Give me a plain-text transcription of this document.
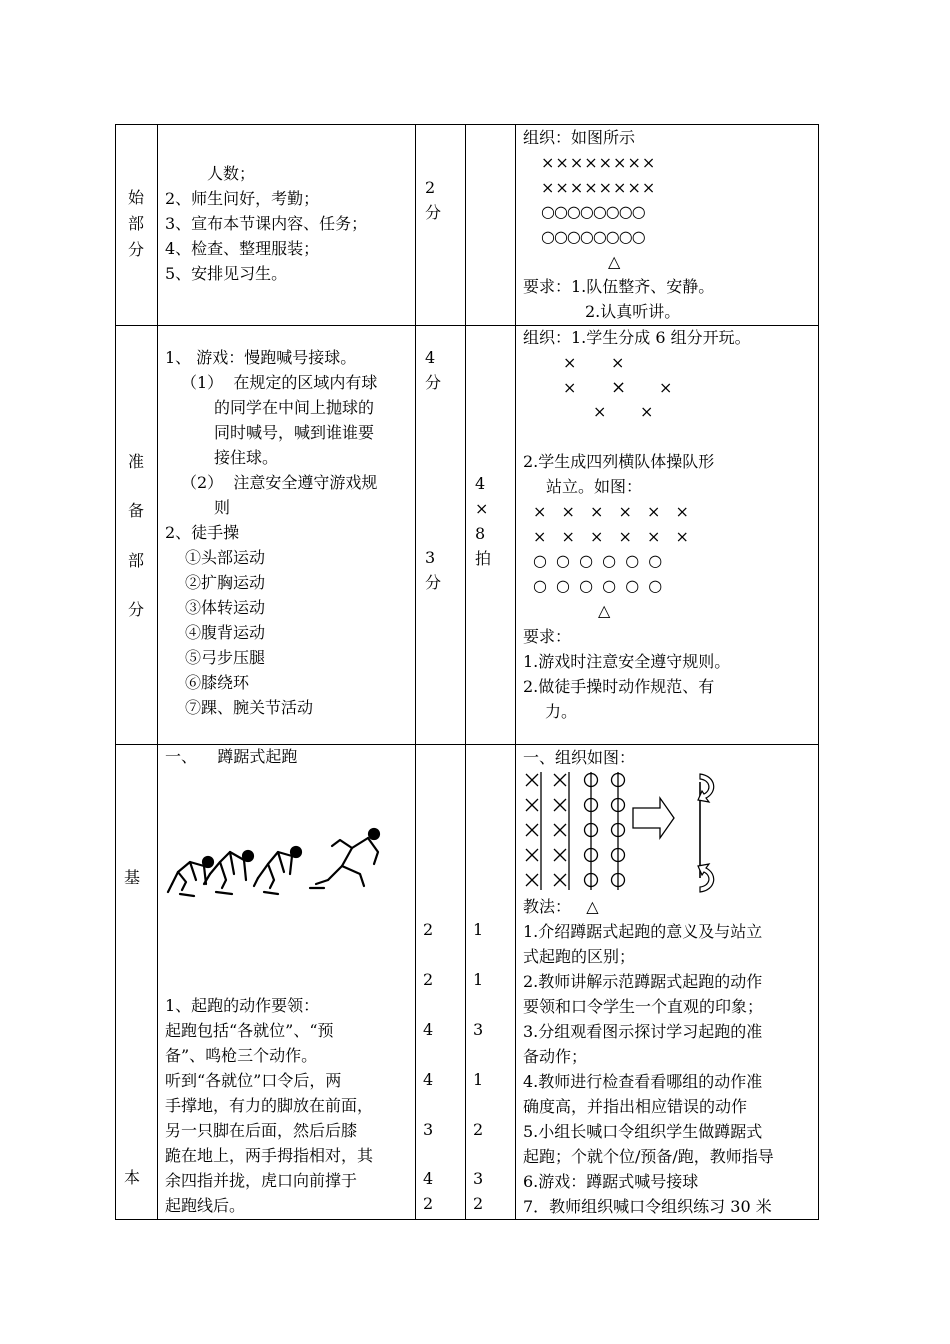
始
部
分
人数；
2、师生问好，考勤；
3、宣布本节课内容、任务；
4、检查、整理服装；
5、安排见习生。
2
分
组织：如图所示
××××××××
××××××××
○○○○○○○○
○○○○○○○○
△
要求：1.队伍整齐、安静。
2.认真听讲。
准
备
部
分
1、 游戏：慢跑喊号接球。
（1）  在规定的区域内有球
的同学在中间上抛球的
同时喊号，喊到谁谁要
接住球。
（2）  注意安全遵守游戏规
则
2、徒手操
①头部运动
②扩胸运动
③体转运动
④腹背运动
⑤弓步压腿
⑥膝绕环
⑦踝、腕关节活动
4
分
3
分
4
×
8
拍
组织：1.学生分成 6 组分开玩。
× ×
× × ×
× ×
2.学生成四列横队体操队形
站立。如图：
× × × × × ×
× × × × × ×
○ ○ ○ ○ ○ ○
○ ○ ○ ○ ○ ○
△
要求：
1.游戏时注意安全遵守规则。
2.做徒手操时动作规范、有
力。
基
本
一、    蹲踞式起跑
1、起跑的动作要领：
起跑包括“各就位”、“预
备”、鸣枪三个动作。
听到“各就位”口令后，两
手撑地，有力的脚放在前面，
另一只脚在后面，然后后膝
跪在地上，两手拇指相对，其
余四指并拢，虎口向前撑于
起跑线后。
2
2
4
4
3
4
2
1
1
3
1
2
3
2
一、组织如图：
教法：   △
1.介绍蹲踞式起跑的意义及与站立
式起跑的区别；
2.教师讲解示范蹲踞式起跑的动作
要领和口令学生一个直观的印象；
3.分组观看图示探讨学习起跑的准
备动作；
4.教师进行检查看看哪组的动作准
确度高，并指出相应错误的动作
5.小组长喊口令组织学生做蹲踞式
起跑；个就个位/预备/跑，教师指导
6.游戏：蹲踞式喊号接球
7．教师组织喊口令组织练习 30 米
